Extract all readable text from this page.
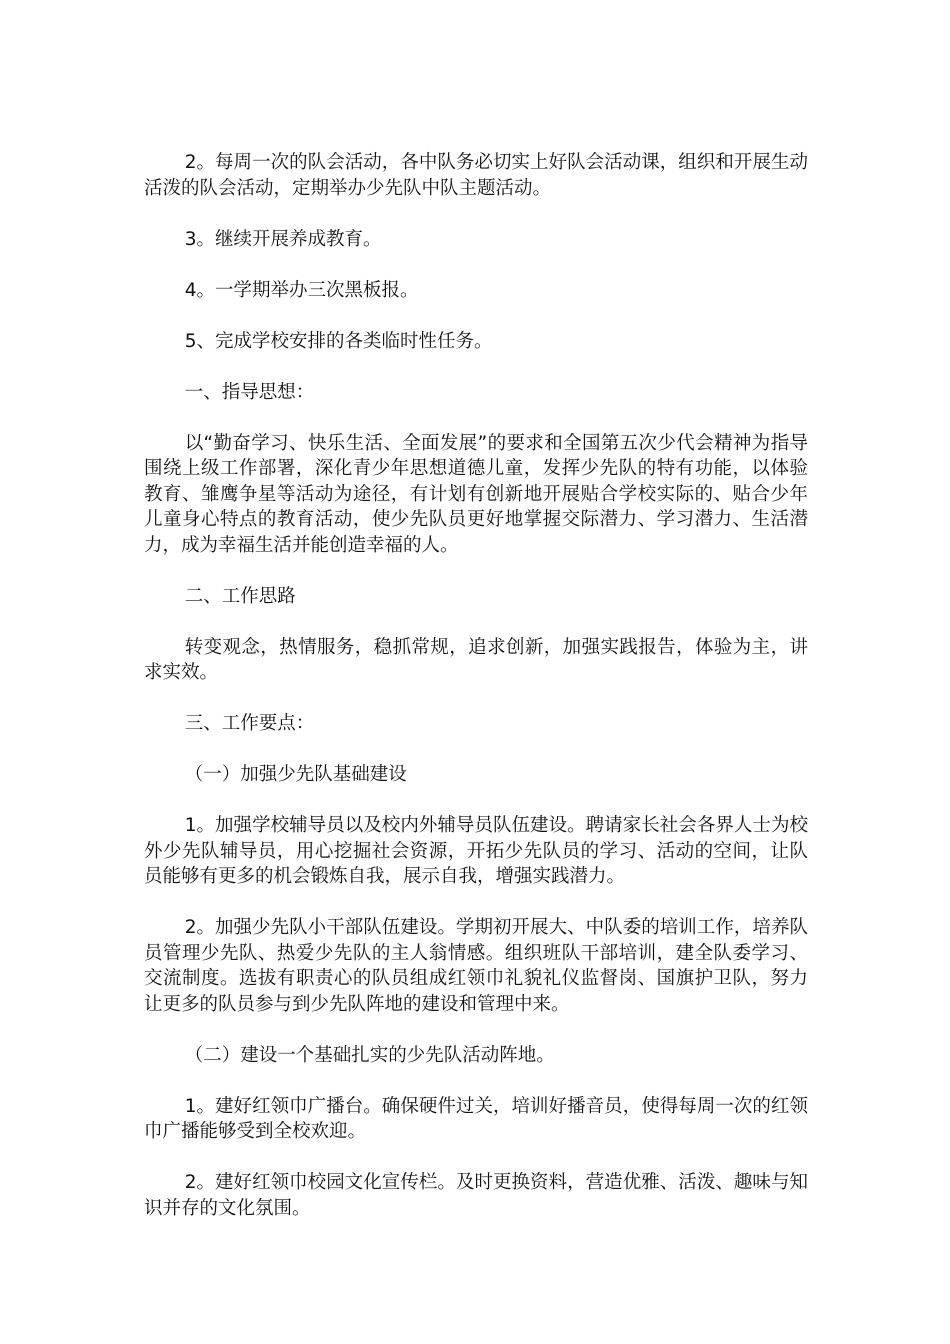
2。每周一次的队会活动，各中队务必切实上好队会活动课，组织和开展生动活泼的队会活动，定期举办少先队中队主题活动。

3。继续开展养成教育。

4。一学期举办三次黑板报。

5、完成学校安排的各类临时性任务。

一、指导思想：

以“勤奋学习、快乐生活、全面发展”的要求和全国第五次少代会精神为指导围绕上级工作部署，深化青少年思想道德儿童，发挥少先队的特有功能，以体验教育、雏鹰争星等活动为途径，有计划有创新地开展贴合学校实际的、贴合少年儿童身心特点的教育活动，使少先队员更好地掌握交际潜力、学习潜力、生活潜力，成为幸福生活并能创造幸福的人。

二、工作思路

转变观念，热情服务，稳抓常规，追求创新，加强实践报告，体验为主，讲求实效。

三、工作要点：

（一）加强少先队基础建设

1。加强学校辅导员以及校内外辅导员队伍建设。聘请家长社会各界人士为校外少先队辅导员，用心挖掘社会资源，开拓少先队员的学习、活动的空间，让队员能够有更多的机会锻炼自我，展示自我，增强实践潜力。

2。加强少先队小干部队伍建设。学期初开展大、中队委的培训工作，培养队员管理少先队、热爱少先队的主人翁情感。组织班队干部培训，建全队委学习、交流制度。选拔有职责心的队员组成红领巾礼貌礼仪监督岗、国旗护卫队，努力让更多的队员参与到少先队阵地的建设和管理中来。

（二）建设一个基础扎实的少先队活动阵地。

1。建好红领巾广播台。确保硬件过关，培训好播音员，使得每周一次的红领巾广播能够受到全校欢迎。

2。建好红领巾校园文化宣传栏。及时更换资料，营造优雅、活泼、趣味与知识并存的文化氛围。
